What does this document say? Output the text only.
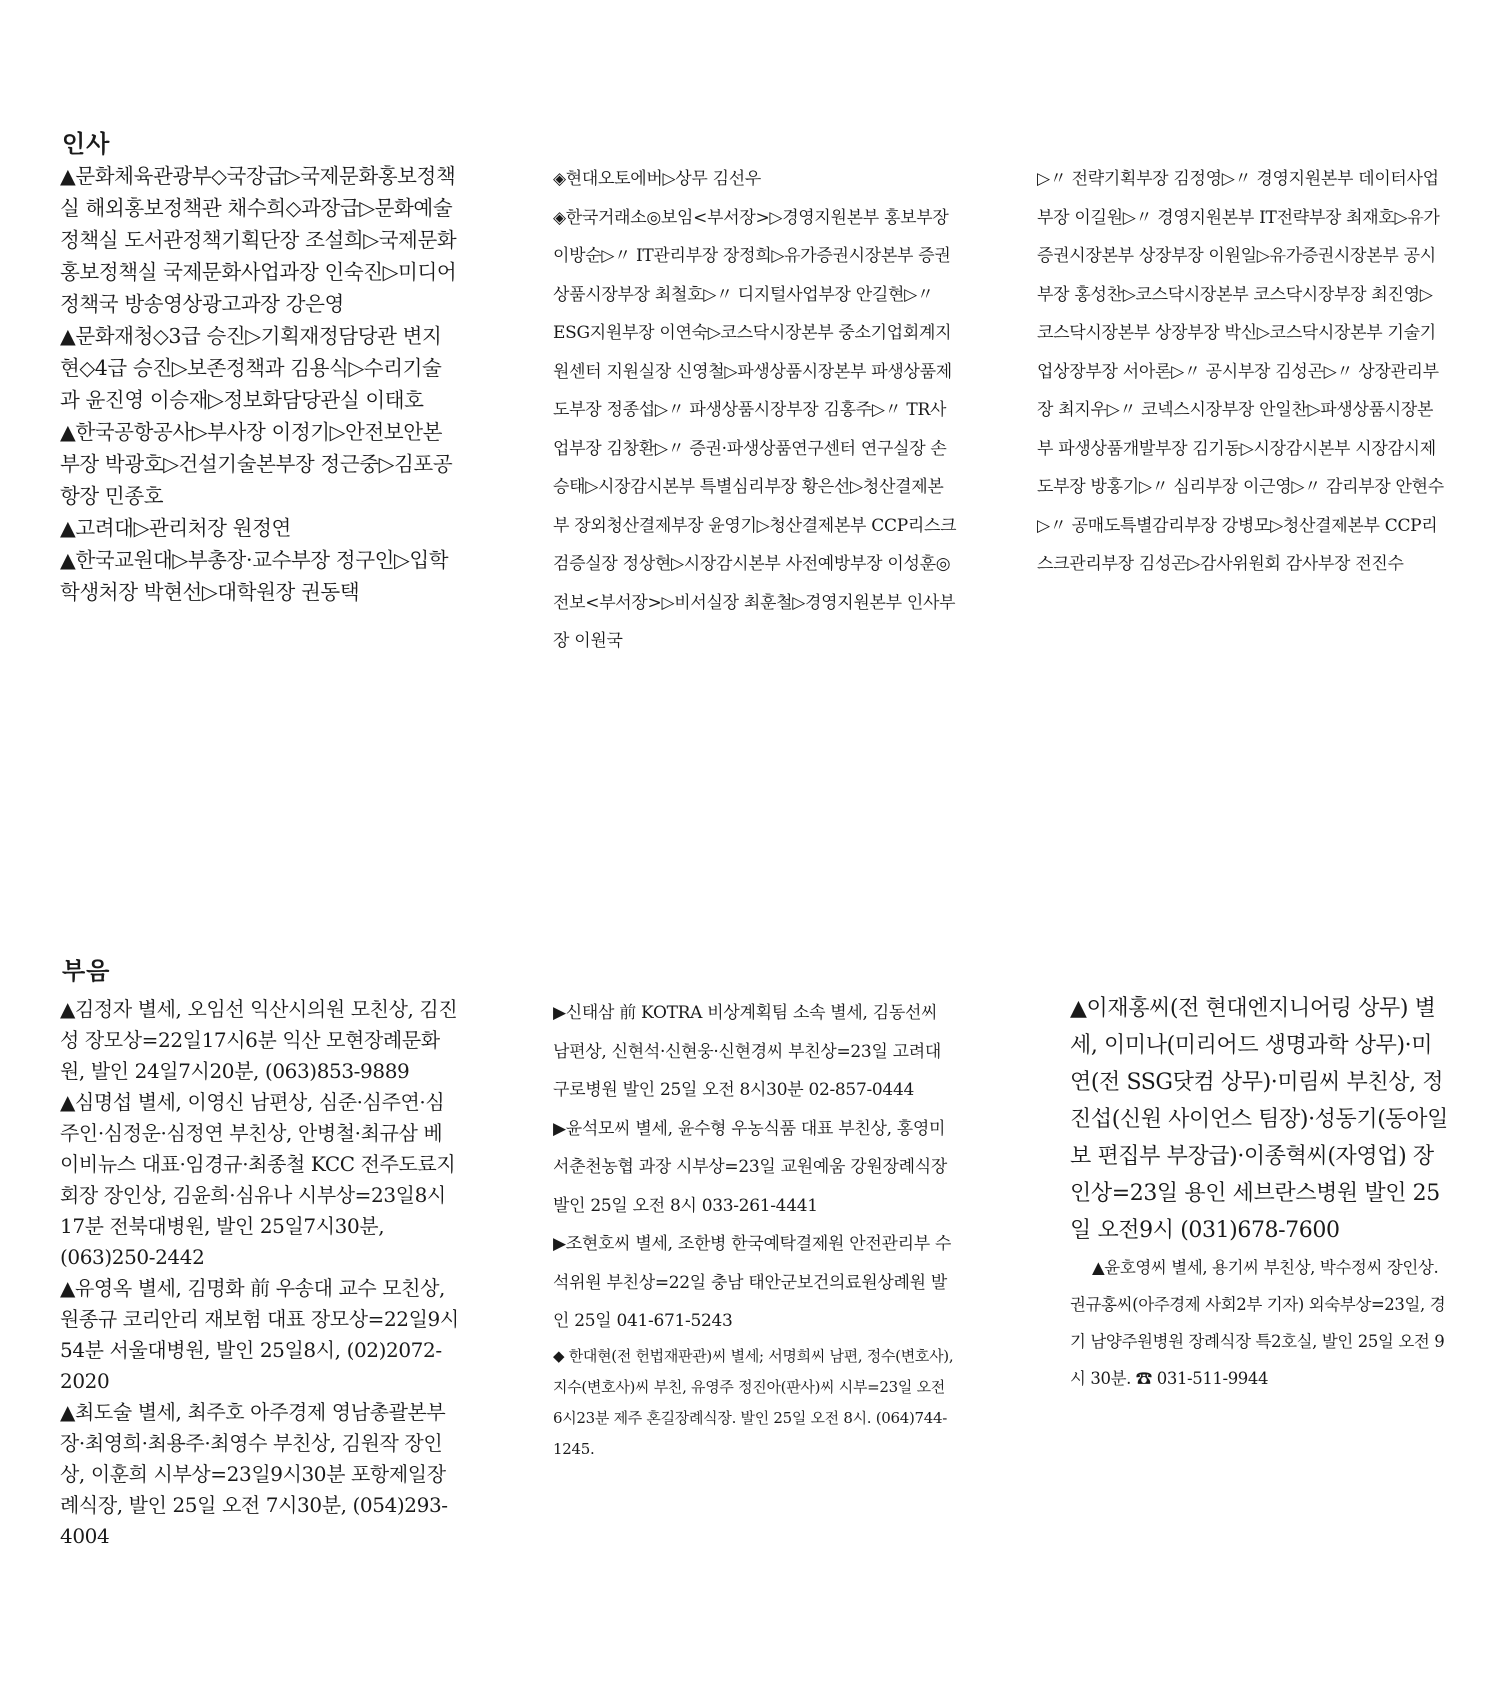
인사

▲문화체육관광부◇국장급▷국제문화홍보정책실 해외홍보정책관 채수희◇과장급▷문화예술정책실 도서관정책기획단장 조설희▷국제문화홍보정책실 국제문화사업과장 인숙진▷미디어정책국 방송영상광고과장 강은영

▲문화재청◇3급 승진▷기획재정담당관 변지현◇4급 승진▷보존정책과 김용식▷수리기술과 윤진영 이승재▷정보화담당관실 이태호

▲한국공항공사▷부사장 이정기▷안전보안본부장 박광호▷건설기술본부장 정근중▷김포공항장 민종호

▲고려대▷관리처장 원정연

▲한국교원대▷부총장·교수부장 정구인▷입학학생처장 박현선▷대학원장 권동택

◈현대오토에버▷상무 김선우

◈한국거래소◎보임<부서장>▷경영지원본부 홍보부장 이방순▷〃 IT관리부장 장정희▷유가증권시장본부 증권상품시장부장 최철호▷〃 디지털사업부장 안길현▷〃 ESG지원부장 이연숙▷코스닥시장본부 중소기업회계지원센터 지원실장 신영철▷파생상품시장본부 파생상품제도부장 정종섭▷〃 파생상품시장부장 김홍주▷〃 TR사업부장 김창환▷〃 증권·파생상품연구센터 연구실장 손승태▷시장감시본부 특별심리부장 황은선▷청산결제본부 장외청산결제부장 윤영기▷청산결제본부 CCP리스크검증실장 정상현▷시장감시본부 사전예방부장 이성훈◎전보<부서장>▷비서실장 최훈철▷경영지원본부 인사부장 이원국

▷〃 전략기획부장 김정영▷〃 경영지원본부 데이터사업부장 이길원▷〃 경영지원본부 IT전략부장 최재호▷유가증권시장본부 상장부장 이원일▷유가증권시장본부 공시부장 홍성찬▷코스닥시장본부 코스닥시장부장 최진영▷코스닥시장본부 상장부장 박신▷코스닥시장본부 기술기업상장부장 서아론▷〃 공시부장 김성곤▷〃 상장관리부장 최지우▷〃 코넥스시장부장 안일찬▷파생상품시장본부 파생상품개발부장 김기동▷시장감시본부 시장감시제도부장 방홍기▷〃 심리부장 이근영▷〃 감리부장 안현수▷〃 공매도특별감리부장 강병모▷청산결제본부 CCP리스크관리부장 김성곤▷감사위원회 감사부장 전진수

부음

▲김정자 별세, 오임선 익산시의원 모친상, 김진성 장모상=22일17시6분 익산 모현장례문화원, 발인 24일7시20분, (063)853-9889

▲심명섭 별세, 이영신 남편상, 심준·심주연·심주인·심정운·심정연 부친상, 안병철·최규삼 베이비뉴스 대표·임경규·최종철 KCC 전주도료지회장 장인상, 김윤희·심유나 시부상=23일8시17분 전북대병원, 발인 25일7시30분, (063)250-2442

▲유영옥 별세, 김명화 前 우송대 교수 모친상, 원종규 코리안리 재보험 대표 장모상=22일9시54분 서울대병원, 발인 25일8시, (02)2072-2020

▲최도술 별세, 최주호 아주경제 영남총괄본부장·최영희·최용주·최영수 부친상, 김원작 장인상, 이훈희 시부상=23일9시30분 포항제일장례식장, 발인 25일 오전 7시30분, (054)293-4004

▶신태삼 前 KOTRA 비상계획팀 소속 별세, 김동선씨 남편상, 신현석·신현웅·신현경씨 부친상=23일 고려대 구로병원 발인 25일 오전 8시30분 02-857-0444

▶윤석모씨 별세, 윤수형 우농식품 대표 부친상, 홍영미 서춘천농협 과장 시부상=23일 교원예움 강원장례식장 발인 25일 오전 8시 033-261-4441

▶조현호씨 별세, 조한병 한국예탁결제원 안전관리부 수석위원 부친상=22일 충남 태안군보건의료원상례원 발인 25일 041-671-5243

◆ 한대현(전 헌법재판관)씨 별세; 서명희씨 남편, 정수(변호사), 지수(변호사)씨 부친, 유영주 정진아(판사)씨 시부=23일 오전 6시23분 제주 혼길장례식장. 발인 25일 오전 8시. (064)744-1245.

▲이재홍씨(전 현대엔지니어링 상무) 별세, 이미나(미리어드 생명과학 상무)·미연(전 SSG닷컴 상무)·미림씨 부친상, 정진섭(신원 사이언스 팀장)·성동기(동아일보 편집부 부장급)·이종혁씨(자영업) 장인상=23일 용인 세브란스병원 발인 25일 오전9시 (031)678-7600

▲윤호영씨 별세, 용기씨 부친상, 박수정씨 장인상. 권규홍씨(아주경제 사회2부 기자) 외숙부상=23일, 경기 남양주원병원 장례식장 특2호실, 발인 25일 오전 9시 30분. ☎ 031-511-9944
